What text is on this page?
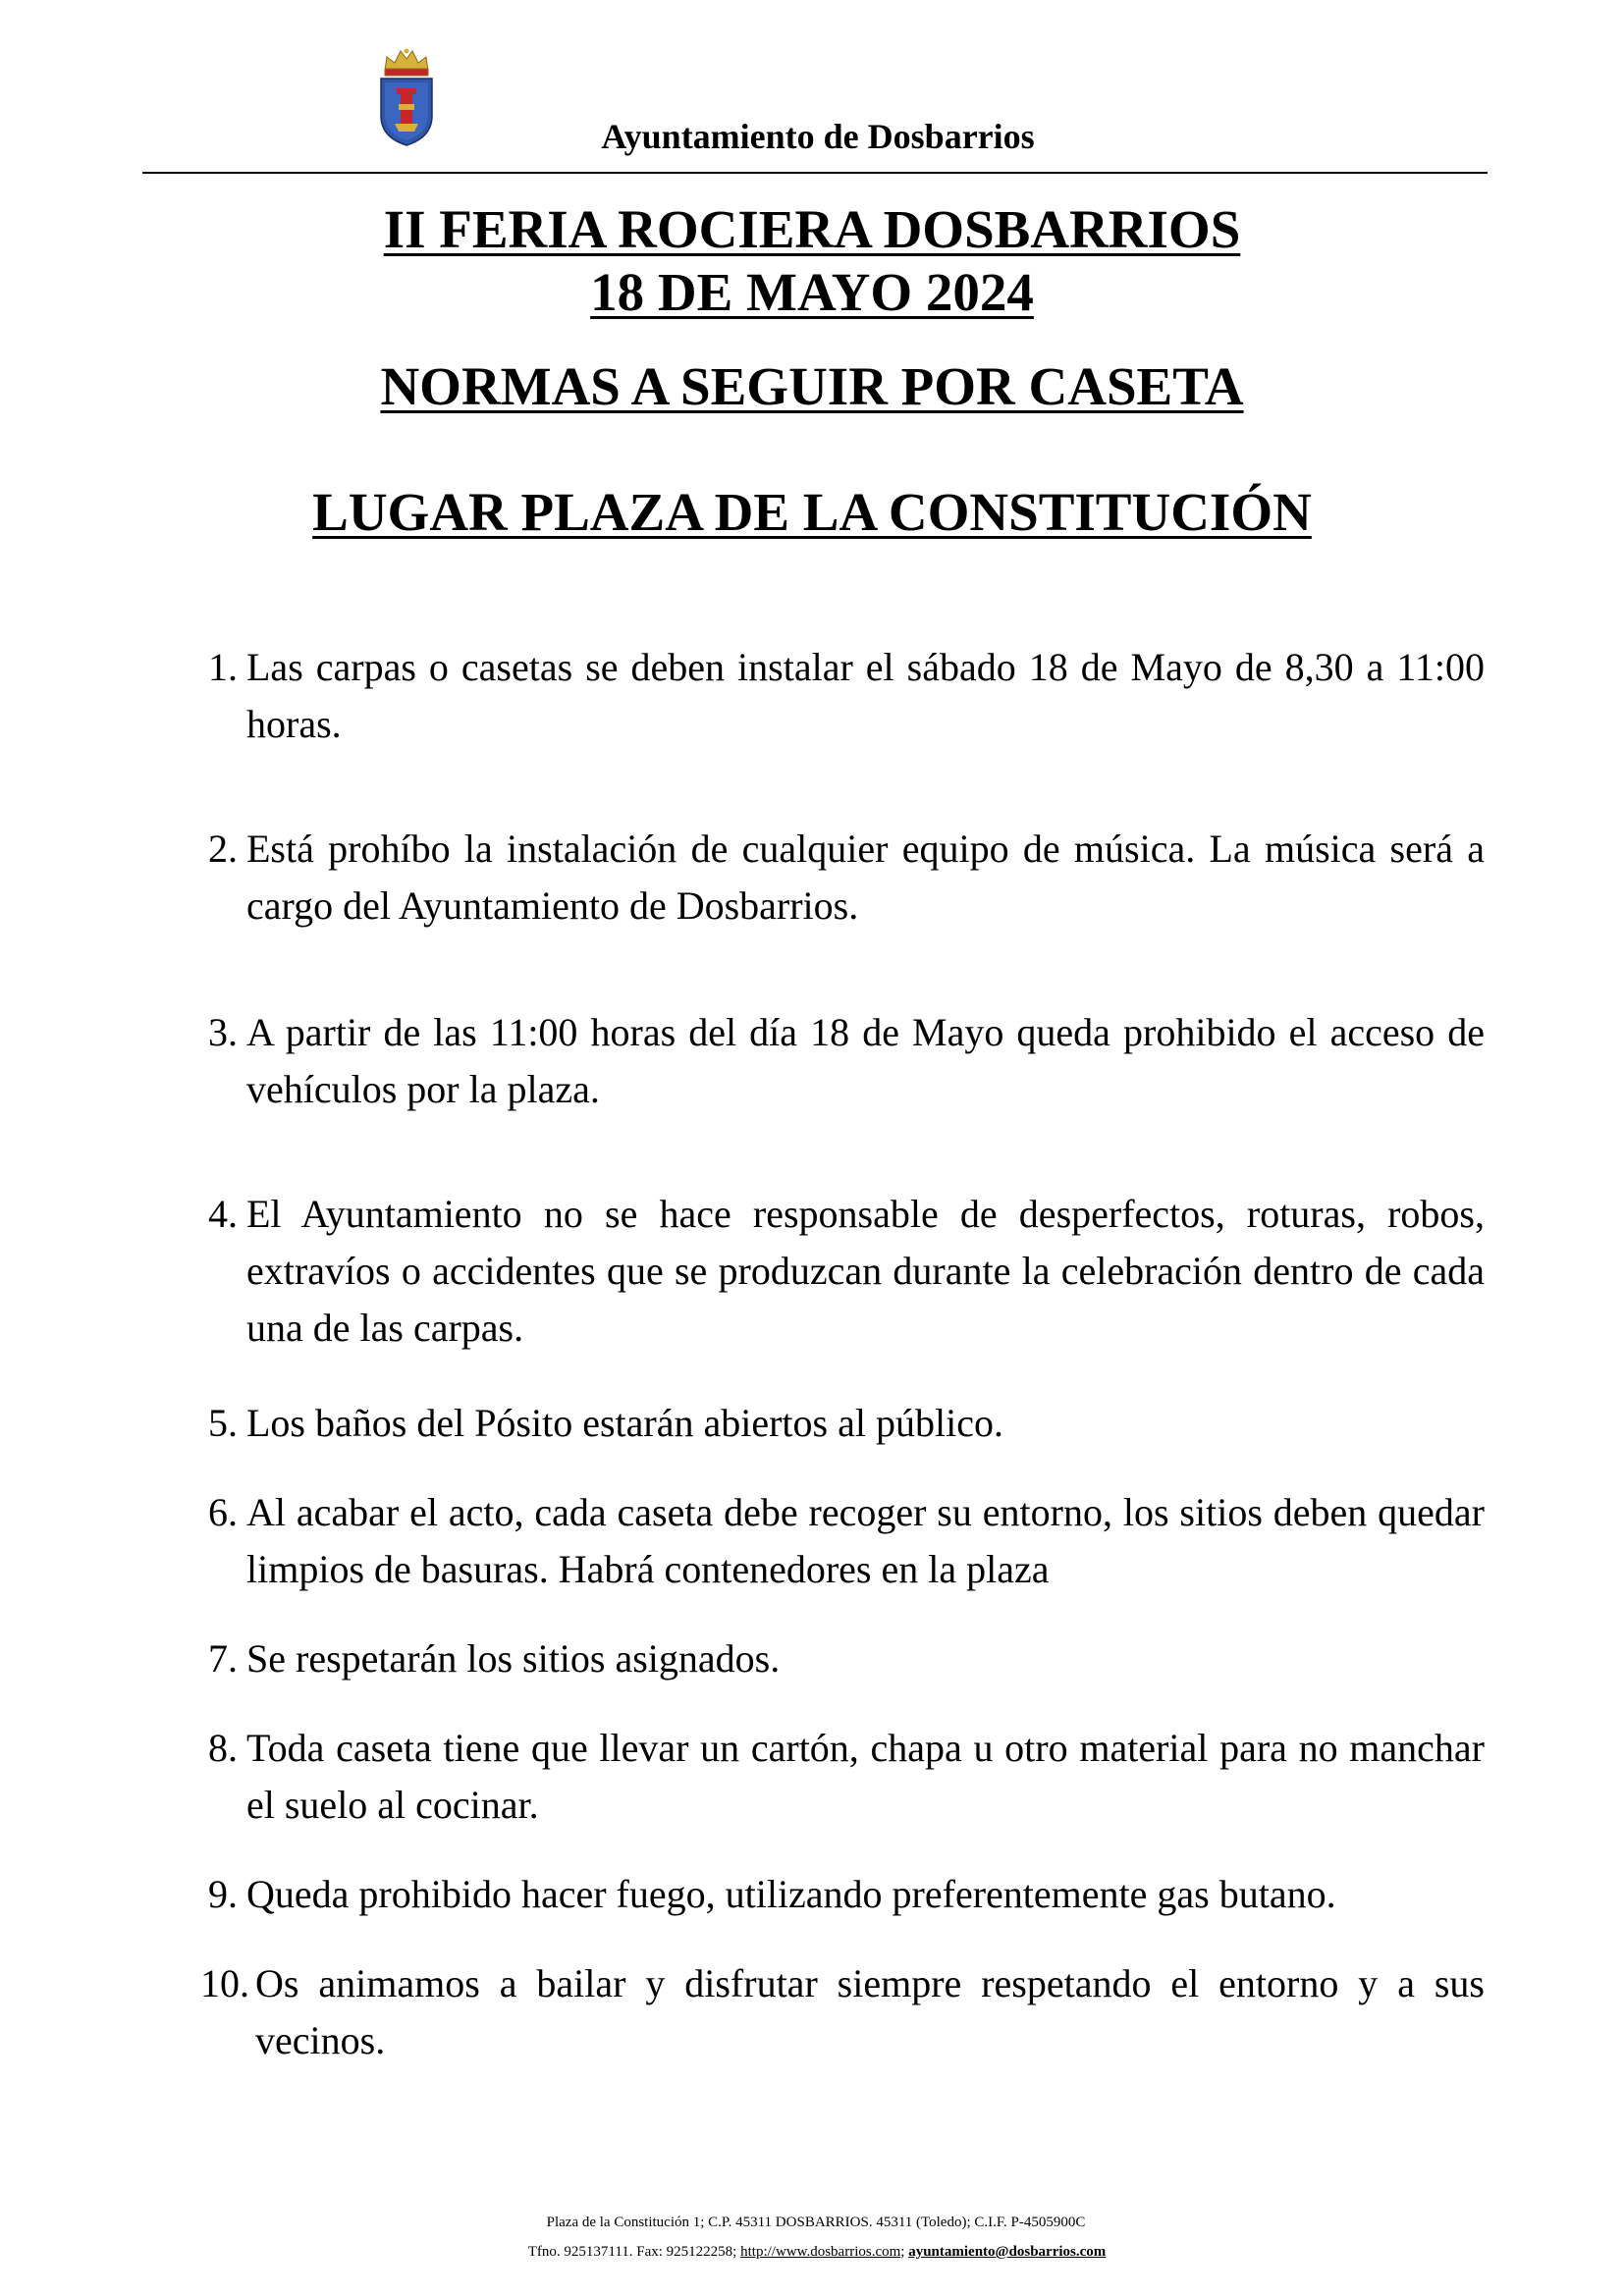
Ayuntamiento de Dosbarrios
II FERIA ROCIERA DOSBARRIOS
18 DE MAYO 2024
NORMAS A SEGUIR POR CASETA
LUGAR PLAZA DE LA CONSTITUCIÓN
1. Las carpas o casetas se deben instalar el sábado 18 de Mayo de 8,30 a 11:00 horas.
2. Está prohíbo la instalación de cualquier equipo de música. La música será a cargo del Ayuntamiento de Dosbarrios.
3. A partir de las 11:00 horas del día 18 de Mayo queda prohibido el acceso de vehículos por la plaza.
4. El Ayuntamiento no se hace responsable de desperfectos, roturas, robos, extravíos o accidentes que se produzcan durante la celebración dentro de cada una de las carpas.
5. Los baños del Pósito estarán abiertos al público.
6. Al acabar el acto, cada caseta debe recoger su entorno, los sitios deben quedar limpios de basuras. Habrá contenedores en la plaza
7. Se respetarán los sitios asignados.
8. Toda caseta tiene que llevar un cartón, chapa u otro material para no manchar el suelo al cocinar.
9. Queda prohibido hacer fuego, utilizando preferentemente gas butano.
10. Os animamos a bailar y disfrutar siempre respetando el entorno y a sus vecinos.
Plaza de la Constitución 1; C.P. 45311 DOSBARRIOS. 45311 (Toledo); C.I.F. P-4505900C
Tfno. 925137111. Fax: 925122258; http://www.dosbarrios.com; ayuntamiento@dosbarrios.com
